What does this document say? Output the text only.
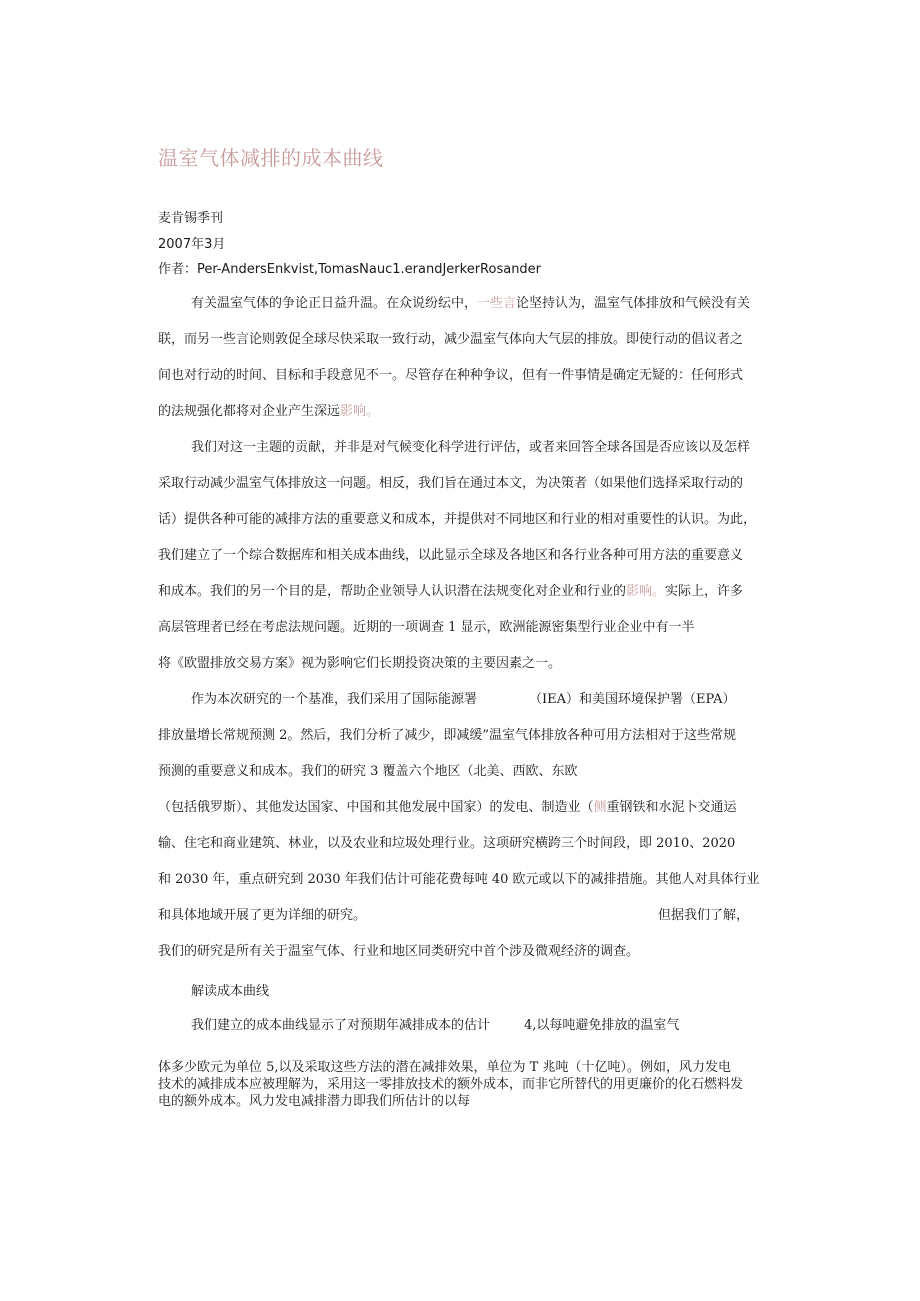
温室气体减排的成本曲线
麦肯锡季刊
2007年3月
作者：Per-AndersEnkvist,TomasNauc1.erandJerkerRosander
有关温室气体的争论正日益升温。在众说纷纭中，一些言论坚持认为，温室气体排放和气候没有关
联，而另一些言论则敦促全球尽快采取一致行动，减少温室气体向大气层的排放。即使行动的倡议者之
间也对行动的时间、目标和手段意见不一。尽管存在种种争议，但有一件事情是确定无疑的：任何形式
的法规强化都将对企业产生深远影响。
我们对这一主题的贡献，并非是对气候变化科学进行评估，或者来回答全球各国是否应该以及怎样
采取行动减少温室气体排放这一问题。相反，我们旨在通过本文，为决策者（如果他们选择采取行动的
话）提供各种可能的减排方法的重要意义和成本，并提供对不同地区和行业的相对重要性的认识。为此，
我们建立了一个综合数据库和相关成本曲线，以此显示全球及各地区和各行业各种可用方法的重要意义
和成本。我们的另一个目的是，帮助企业领导人认识潜在法规变化对企业和行业的影响。实际上，许多
高层管理者已经在考虑法规问题。近期的一项调查 1 显示，欧洲能源密集型行业企业中有一半
将《欧盟排放交易方案》视为影响它们长期投资决策的主要因素之一。
作为本次研究的一个基准，我们采用了国际能源署	（IEA）和美国环境保护署（EPA）
排放量增长常规预测 2。然后，我们分析了减少，即减缓”温室气体排放各种可用方法相对于这些常规
预测的重要意义和成本。我们的研究 3 覆盖六个地区（北美、西欧、东欧
（包括俄罗斯）、其他发达国家、中国和其他发展中国家）的发电、制造业（侧重钢铁和水泥卜交通运
输、住宅和商业建筑、林业，以及农业和垃圾处理行业。这项研究横跨三个时间段，即 2010、2020
和 2030 年，重点研究到 2030 年我们估计可能花费每吨 40 欧元或以下的减排措施。其他人对具体行业
和具体地域开展了更为详细的研究。	但据我们了解，
我们的研究是所有关于温室气体、行业和地区同类研究中首个涉及微观经济的调查。
解读成本曲线
我们建立的成本曲线显示了对预期年减排成本的估计	4,以每吨避免排放的温室气
体多少欧元为单位 5,以及采取这些方法的潜在减排效果，单位为 T 兆吨（十亿吨）。例如，风力发电
技术的减排成本应被理解为，采用这一零排放技术的额外成本，而非它所替代的用更廉价的化石燃料发
电的额外成本。风力发电减排潜力即我们所估计的以每
